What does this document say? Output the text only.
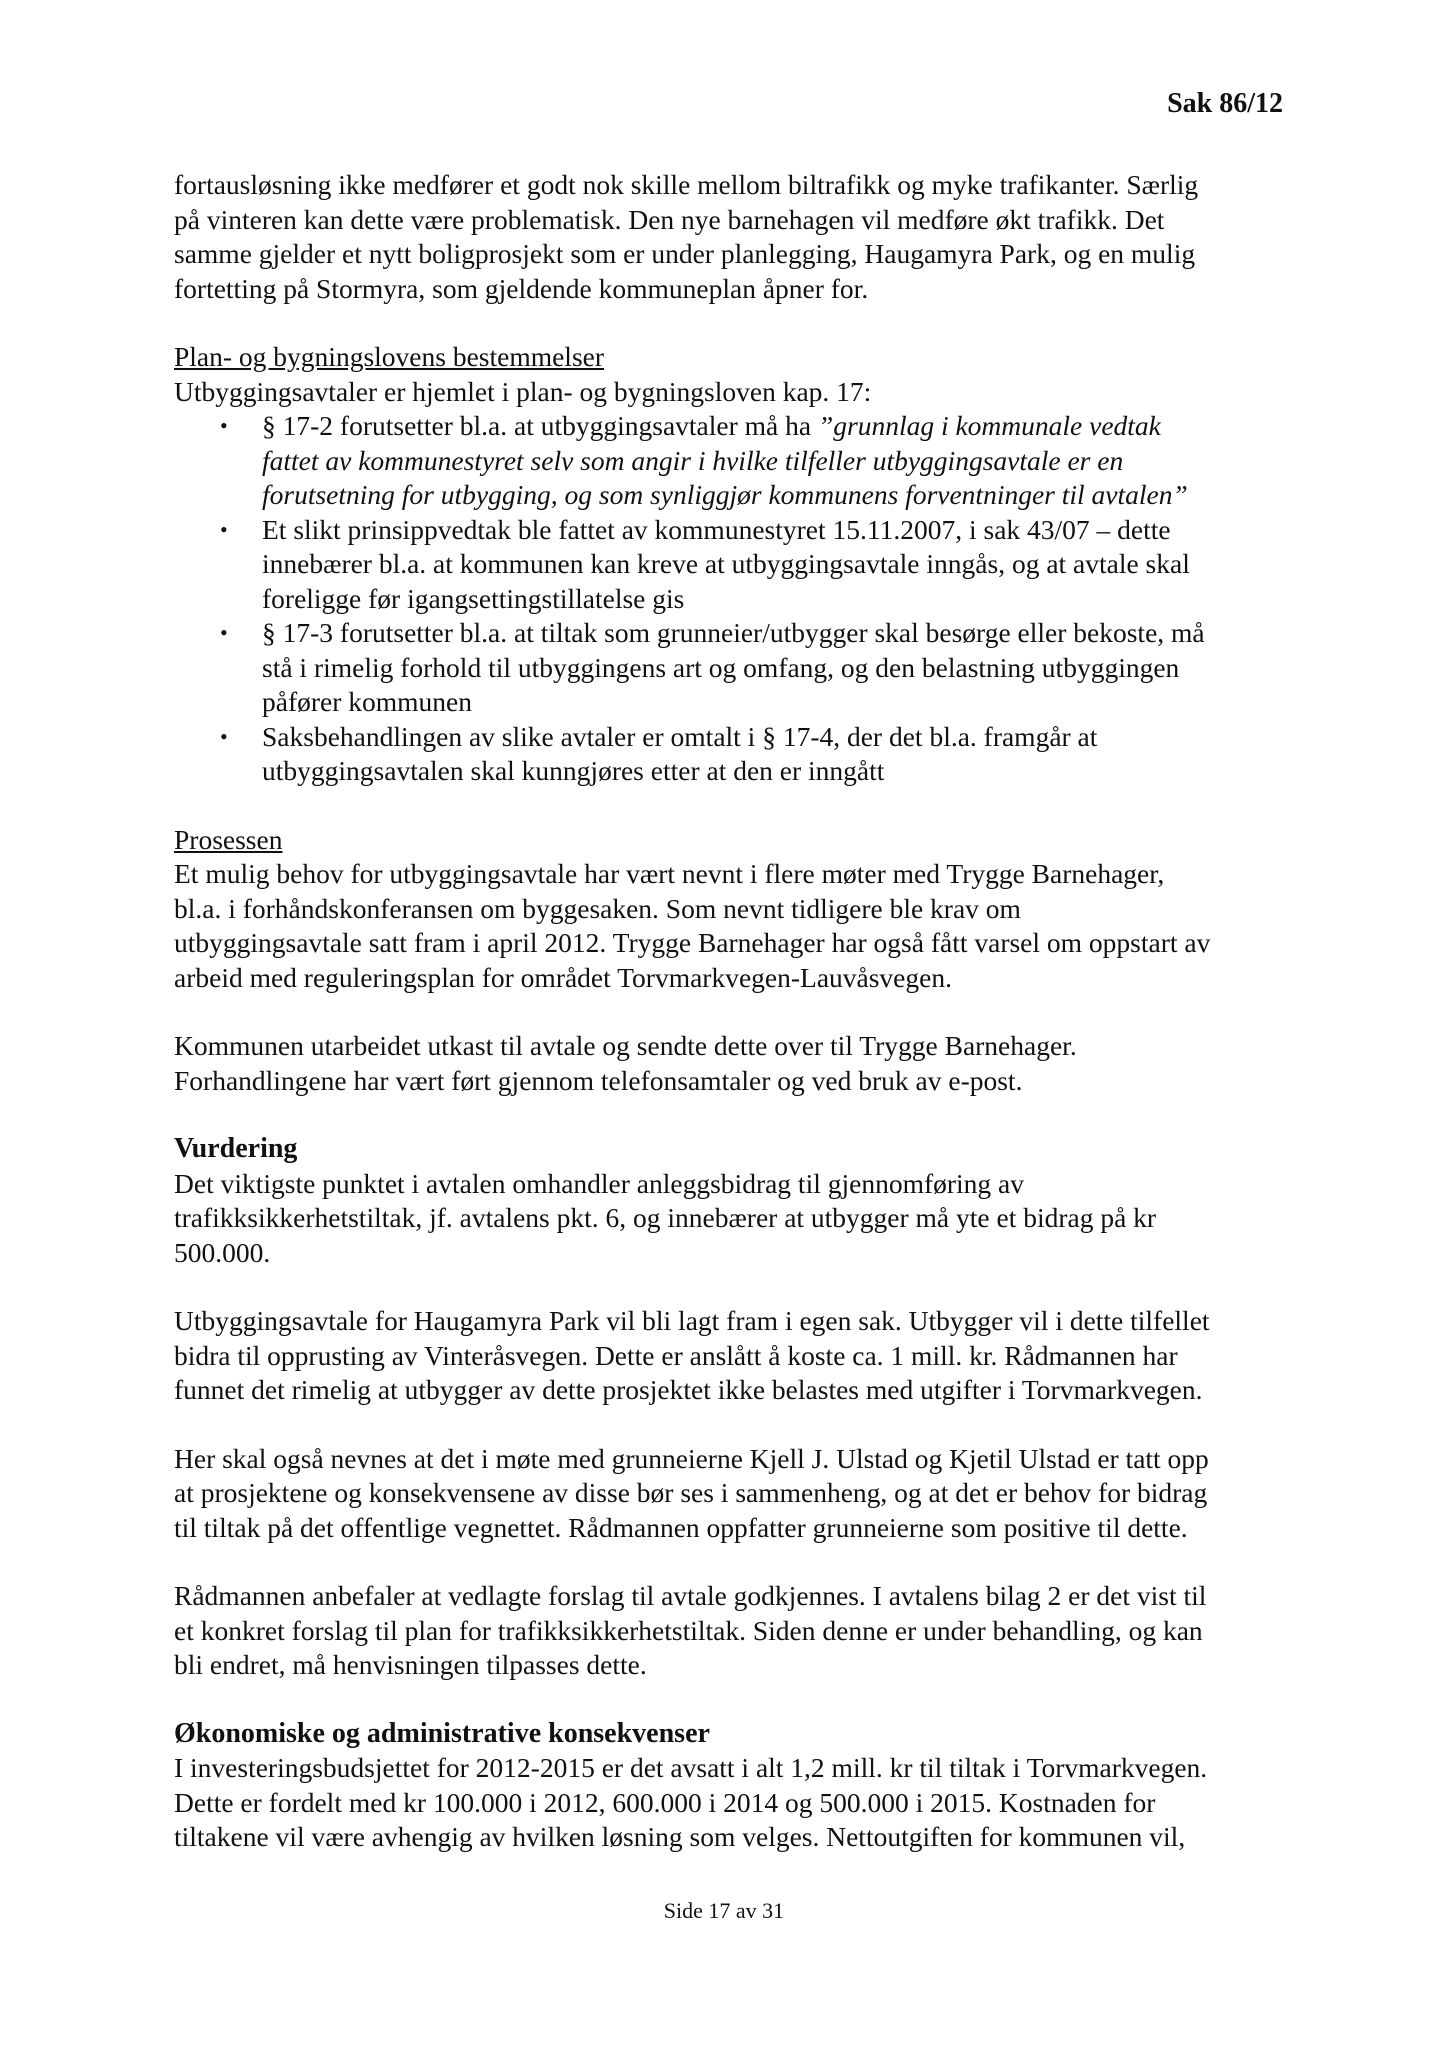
Sak 86/12

fortausløsning ikke medfører et godt nok skille mellom biltrafikk og myke trafikanter. Særlig

på vinteren kan dette være problematisk. Den nye barnehagen vil medføre økt trafikk. Det

samme gjelder et nytt boligprosjekt som er under planlegging, Haugamyra Park, og en mulig

fortetting på Stormyra, som gjeldende kommuneplan åpner for.

Plan- og bygningslovens bestemmelser

Utbyggingsavtaler er hjemlet i plan- og bygningsloven kap. 17:

• § 17-2 forutsetter bl.a. at utbyggingsavtaler må ha ”grunnlag i kommunale vedtak

fattet av kommunestyret selv som angir i hvilke tilfeller utbyggingsavtale er en

forutsetning for utbygging, og som synliggjør kommunens forventninger til avtalen”

• Et slikt prinsippvedtak ble fattet av kommunestyret 15.11.2007, i sak 43/07 – dette

innebærer bl.a. at kommunen kan kreve at utbyggingsavtale inngås, og at avtale skal

foreligge før igangsettingstillatelse gis

• § 17-3 forutsetter bl.a. at tiltak som grunneier/utbygger skal besørge eller bekoste, må

stå i rimelig forhold til utbyggingens art og omfang, og den belastning utbyggingen

påfører kommunen

• Saksbehandlingen av slike avtaler er omtalt i § 17-4, der det bl.a. framgår at

utbyggingsavtalen skal kunngjøres etter at den er inngått

Prosessen

Et mulig behov for utbyggingsavtale har vært nevnt i flere møter med Trygge Barnehager,

bl.a. i forhåndskonferansen om byggesaken. Som nevnt tidligere ble krav om

utbyggingsavtale satt fram i april 2012. Trygge Barnehager har også fått varsel om oppstart av

arbeid med reguleringsplan for området Torvmarkvegen-Lauvåsvegen.

Kommunen utarbeidet utkast til avtale og sendte dette over til Trygge Barnehager.

Forhandlingene har vært ført gjennom telefonsamtaler og ved bruk av e-post.

Vurdering

Det viktigste punktet i avtalen omhandler anleggsbidrag til gjennomføring av

trafikksikkerhetstiltak, jf. avtalens pkt. 6, og innebærer at utbygger må yte et bidrag på kr

500.000.

Utbyggingsavtale for Haugamyra Park vil bli lagt fram i egen sak. Utbygger vil i dette tilfellet

bidra til opprusting av Vinteråsvegen. Dette er anslått å koste ca. 1 mill. kr. Rådmannen har

funnet det rimelig at utbygger av dette prosjektet ikke belastes med utgifter i Torvmarkvegen.

Her skal også nevnes at det i møte med grunneierne Kjell J. Ulstad og Kjetil Ulstad er tatt opp

at prosjektene og konsekvensene av disse bør ses i sammenheng, og at det er behov for bidrag

til tiltak på det offentlige vegnettet. Rådmannen oppfatter grunneierne som positive til dette.

Rådmannen anbefaler at vedlagte forslag til avtale godkjennes. I avtalens bilag 2 er det vist til

et konkret forslag til plan for trafikksikkerhetstiltak. Siden denne er under behandling, og kan

bli endret, må henvisningen tilpasses dette.

Økonomiske og administrative konsekvenser

I investeringsbudsjettet for 2012-2015 er det avsatt i alt 1,2 mill. kr til tiltak i Torvmarkvegen.

Dette er fordelt med kr 100.000 i 2012, 600.000 i 2014 og 500.000 i 2015. Kostnaden for

tiltakene vil være avhengig av hvilken løsning som velges. Nettoutgiften for kommunen vil,

Side 17 av 31
